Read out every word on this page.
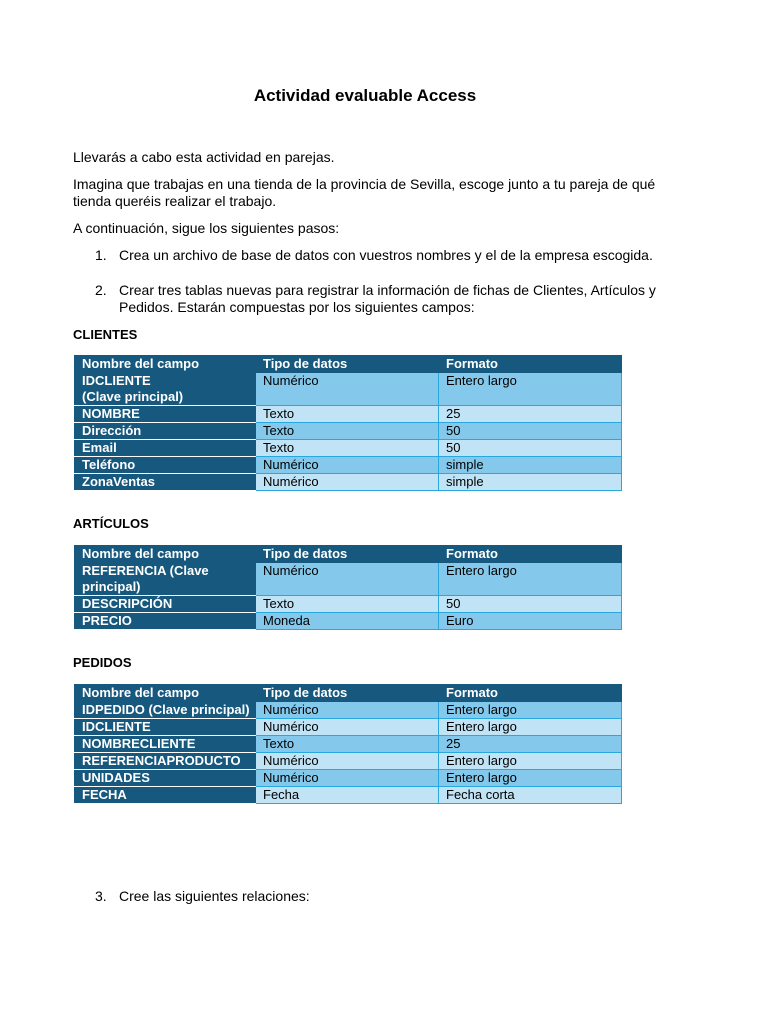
Actividad evaluable Access
Llevarás a cabo esta actividad en parejas.
Imagina que trabajas en una tienda de la provincia de Sevilla, escoge junto a tu pareja de qué tienda queréis realizar el trabajo.
A continuación, sigue los siguientes pasos:
1. Crea un archivo de base de datos con vuestros nombres y el de la empresa escogida.
2. Crear tres tablas nuevas para registrar la información de fichas de Clientes, Artículos y Pedidos. Estarán compuestas por los siguientes campos:
CLIENTES
Nombre del campo	Tipo de datos	Formato
IDCLIENTE
(Clave principal)	Numérico	Entero largo
NOMBRE	Texto	25
Dirección	Texto	50
Email	Texto	50
Teléfono	Numérico	simple
ZonaVentas	Numérico	simple
ARTÍCULOS
Nombre del campo	Tipo de datos	Formato
REFERENCIA (Clave principal)	Numérico	Entero largo
DESCRIPCIÓN	Texto	50
PRECIO	Moneda	Euro
PEDIDOS
Nombre del campo	Tipo de datos	Formato
IDPEDIDO (Clave principal)	Numérico	Entero largo
IDCLIENTE	Numérico	Entero largo
NOMBRECLIENTE	Texto	25
REFERENCIAPRODUCTO	Numérico	Entero largo
UNIDADES	Numérico	Entero largo
FECHA	Fecha	Fecha corta
3. Cree las siguientes relaciones:
